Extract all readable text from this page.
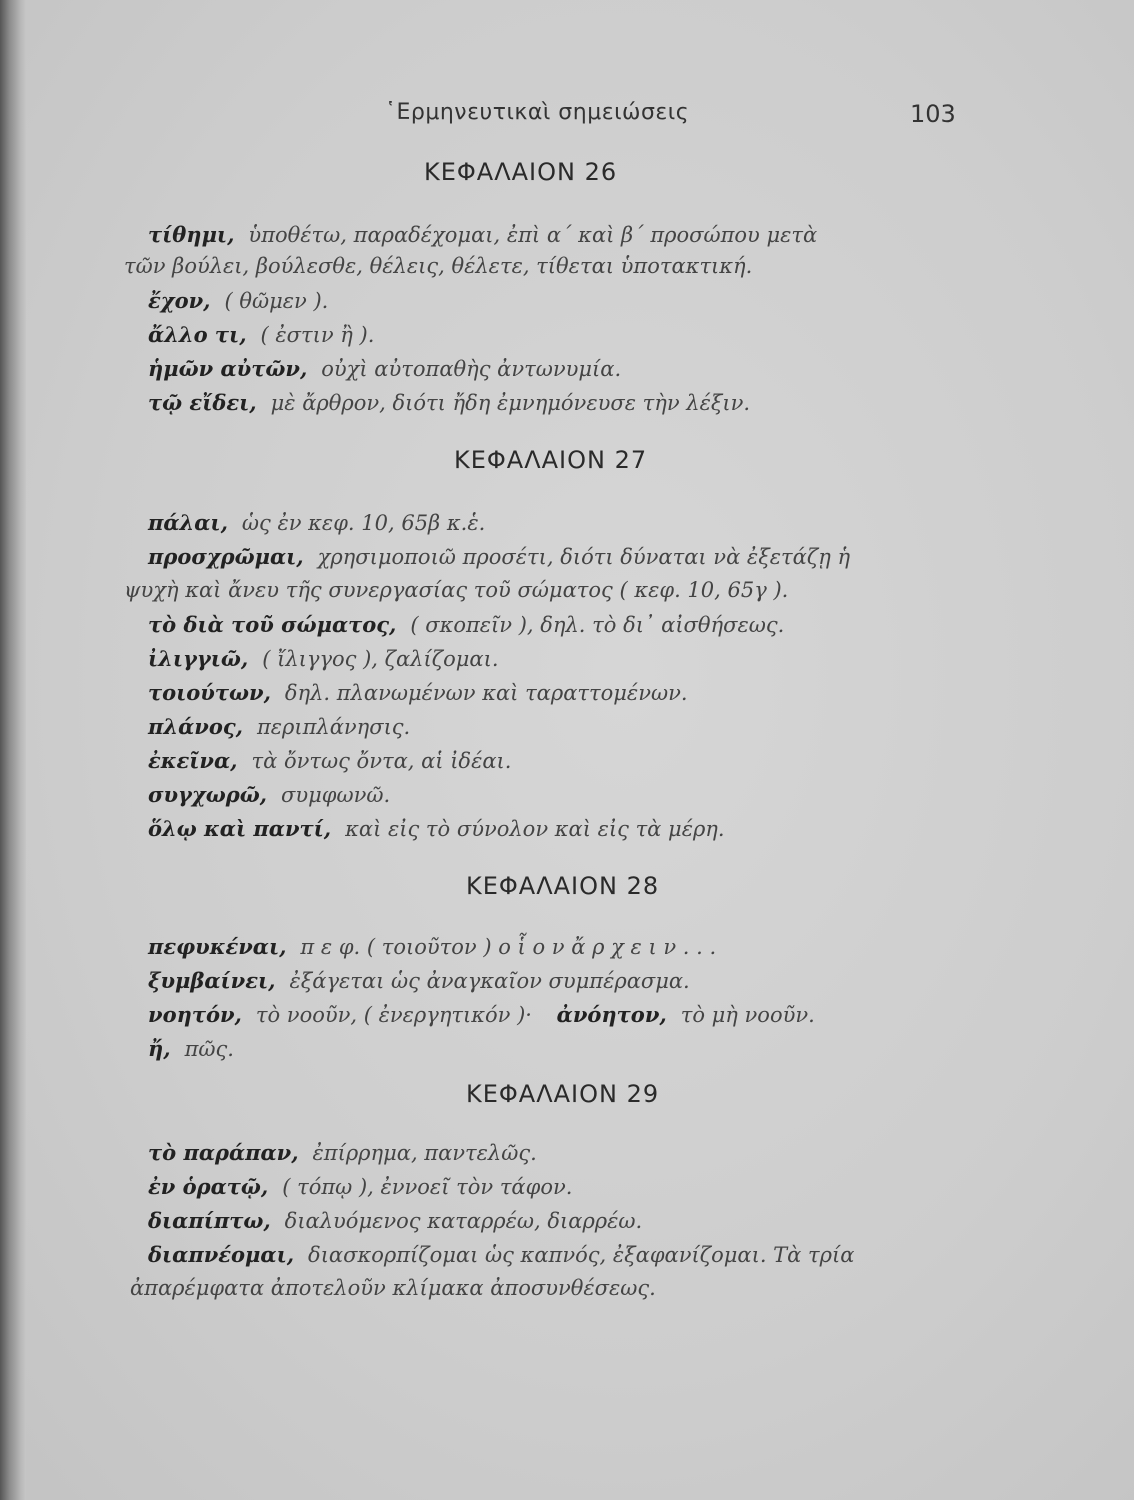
῾Ερμηνευτικαὶ σημειώσεις	103
ΚΕΦΑΛΑΙΟΝ 26
τίθημι, ὑποθέτω, παραδέχομαι, ἐπὶ α΄ καὶ β΄ προσώπου μετὰ
τῶν βούλει, βούλεσθε, θέλεις, θέλετε, τίθεται ὑποτακτική.
ἔχον, ( θῶμεν ).
ἄλλο τι, ( ἐστιν ἢ ).
ἡμῶν αὐτῶν, οὐχὶ αὐτοπαθὴς ἀντωνυμία.
τῷ εἴδει, μὲ ἄρθρον, διότι ἤδη ἐμνημόνευσε τὴν λέξιν.
ΚΕΦΑΛΑΙΟΝ 27
πάλαι, ὡς ἐν κεφ. 10, 65β κ.ἑ.
προσχρῶμαι, χρησιμοποιῶ προσέτι, διότι δύναται νὰ ἐξετάζῃ ἡ
ψυχὴ καὶ ἄνευ τῆς συνεργασίας τοῦ σώματος ( κεφ. 10, 65γ ).
τὸ διὰ τοῦ σώματος, ( σκοπεῖν ), δηλ. τὸ δι᾽ αἰσθήσεως.
ἰλιγγιῶ, ( ἴλιγγος ), ζαλίζομαι.
τοιούτων, δηλ. πλανωμένων καὶ ταραττομένων.
πλάνος, περιπλάνησις.
ἐκεῖνα, τὰ ὄντως ὄντα, αἱ ἰδέαι.
συγχωρῶ, συμφωνῶ.
ὅλῳ καὶ παντί, καὶ εἰς τὸ σύνολον καὶ εἰς τὰ μέρη.
ΚΕΦΑΛΑΙΟΝ 28
πεφυκέναι, π ε φ. ( τοιοῦτον ) ο ἷ ο ν ἄ ρ χ ε ι ν . . .
ξυμβαίνει, ἐξάγεται ὡς ἀναγκαῖον συμπέρασμα.
νοητόν, τὸ νοοῦν, ( ἐνεργητικόν )· ἀνόητον, τὸ μὴ νοοῦν.
ἤ, πῶς.
ΚΕΦΑΛΑΙΟΝ 29
τὸ παράπαν, ἐπίρρημα, παντελῶς.
ἐν ὁρατῷ, ( τόπῳ ), ἐννοεῖ τὸν τάφον.
διαπίπτω, διαλυόμενος καταρρέω, διαρρέω.
διαπνέομαι, διασκορπίζομαι ὡς καπνός, ἐξαφανίζομαι. Τὰ τρία
ἀπαρέμφατα ἀποτελοῦν κλίμακα ἀποσυνθέσεως.
